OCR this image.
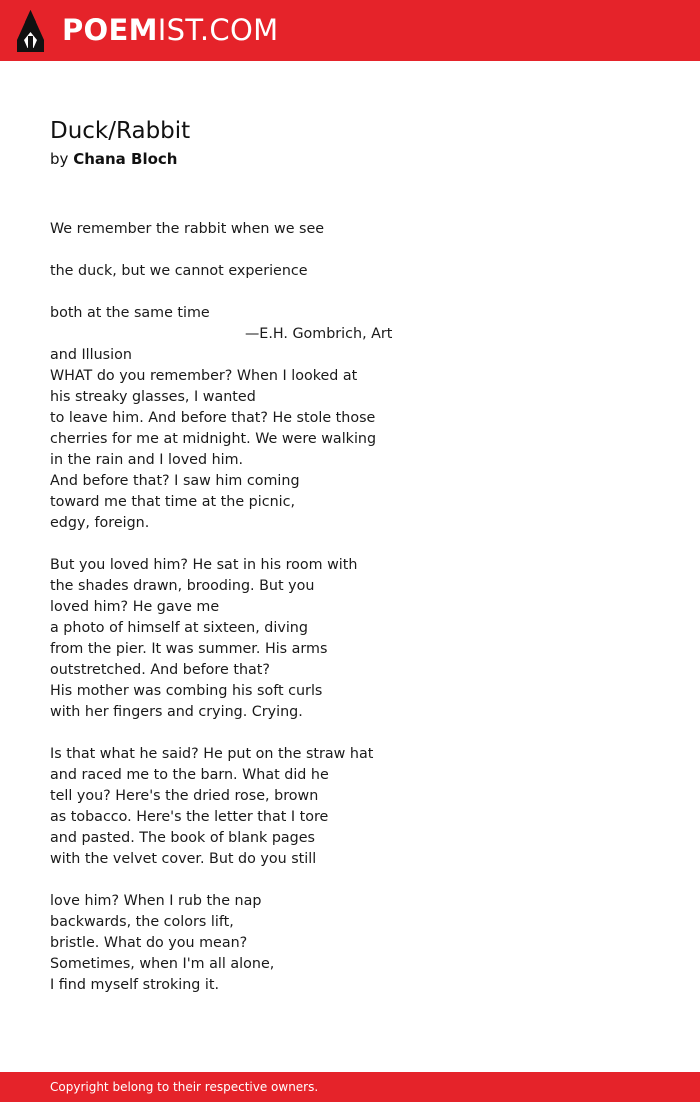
POEMIST.COM
Duck/Rabbit
by Chana Bloch
We remember the rabbit when we see
the duck, but we cannot experience
both at the same time
—E.H. Gombrich, Art
and Illusion
WHAT do you remember? When I looked at
his streaky glasses, I wanted
to leave him. And before that? He stole those
cherries for me at midnight. We were walking
in the rain and I loved him.
And before that? I saw him coming
toward me that time at the picnic,
edgy, foreign.
But you loved him? He sat in his room with
the shades drawn, brooding. But you
loved him? He gave me
a photo of himself at sixteen, diving
from the pier. It was summer. His arms
outstretched. And before that?
His mother was combing his soft curls
with her fingers and crying. Crying.
Is that what he said? He put on the straw hat
and raced me to the barn. What did he
tell you? Here's the dried rose, brown
as tobacco. Here's the letter that I tore
and pasted. The book of blank pages
with the velvet cover. But do you still
love him? When I rub the nap
backwards, the colors lift,
bristle. What do you mean?
Sometimes, when I'm all alone,
I find myself stroking it.
Copyright belong to their respective owners.
